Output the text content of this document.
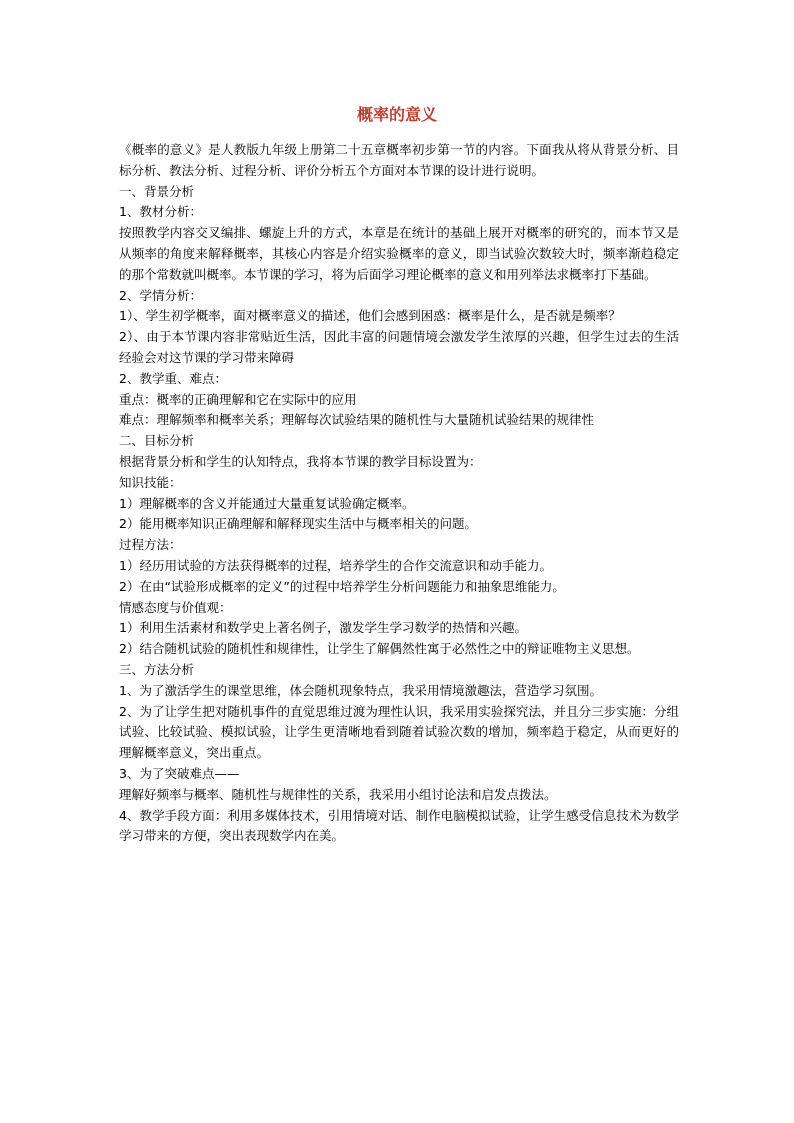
概率的意义

《概率的意义》是人教版九年级上册第二十五章概率初步第一节的内容。下面我从将从背景分析、目标分析、教法分析、过程分析、评价分析五个方面对本节课的设计进行说明。

一、背景分析

1、教材分析：

按照教学内容交叉编排、螺旋上升的方式，本章是在统计的基础上展开对概率的研究的，而本节又是从频率的角度来解释概率，其核心内容是介绍实验概率的意义，即当试验次数较大时，频率渐趋稳定的那个常数就叫概率。本节课的学习，将为后面学习理论概率的意义和用列举法求概率打下基础。

2、学情分析：

1）、学生初学概率，面对概率意义的描述，他们会感到困惑：概率是什么，是否就是频率？

2）、由于本节课内容非常贴近生活，因此丰富的问题情境会激发学生浓厚的兴趣，但学生过去的生活经验会对这节课的学习带来障碍

2、教学重、难点：

重点：概率的正确理解和它在实际中的应用

难点：理解频率和概率关系；理解每次试验结果的随机性与大量随机试验结果的规律性

二、目标分析

根据背景分析和学生的认知特点，我将本节课的教学目标设置为：

知识技能：

1）理解概率的含义并能通过大量重复试验确定概率。

2）能用概率知识正确理解和解释现实生活中与概率相关的问题。

过程方法：

1）经历用试验的方法获得概率的过程，培养学生的合作交流意识和动手能力。

2）在由“试验形成概率的定义”的过程中培养学生分析问题能力和抽象思维能力。

情感态度与价值观：

1）利用生活素材和数学史上著名例子，激发学生学习数学的热情和兴趣。

2）结合随机试验的随机性和规律性，让学生了解偶然性寓于必然性之中的辩证唯物主义思想。

三、方法分析

1、为了激活学生的课堂思维，体会随机现象特点，我采用情境激趣法，营造学习氛围。

2、为了让学生把对随机事件的直觉思维过渡为理性认识，我采用实验探究法，并且分三步实施：分组试验、比较试验、模拟试验，让学生更清晰地看到随着试验次数的增加，频率趋于稳定，从而更好的理解概率意义，突出重点。

3、为了突破难点——

理解好频率与概率、随机性与规律性的关系，我采用小组讨论法和启发点拨法。

4、教学手段方面：利用多媒体技术，引用情境对话、制作电脑模拟试验，让学生感受信息技术为数学学习带来的方便，突出表现数学内在美。
